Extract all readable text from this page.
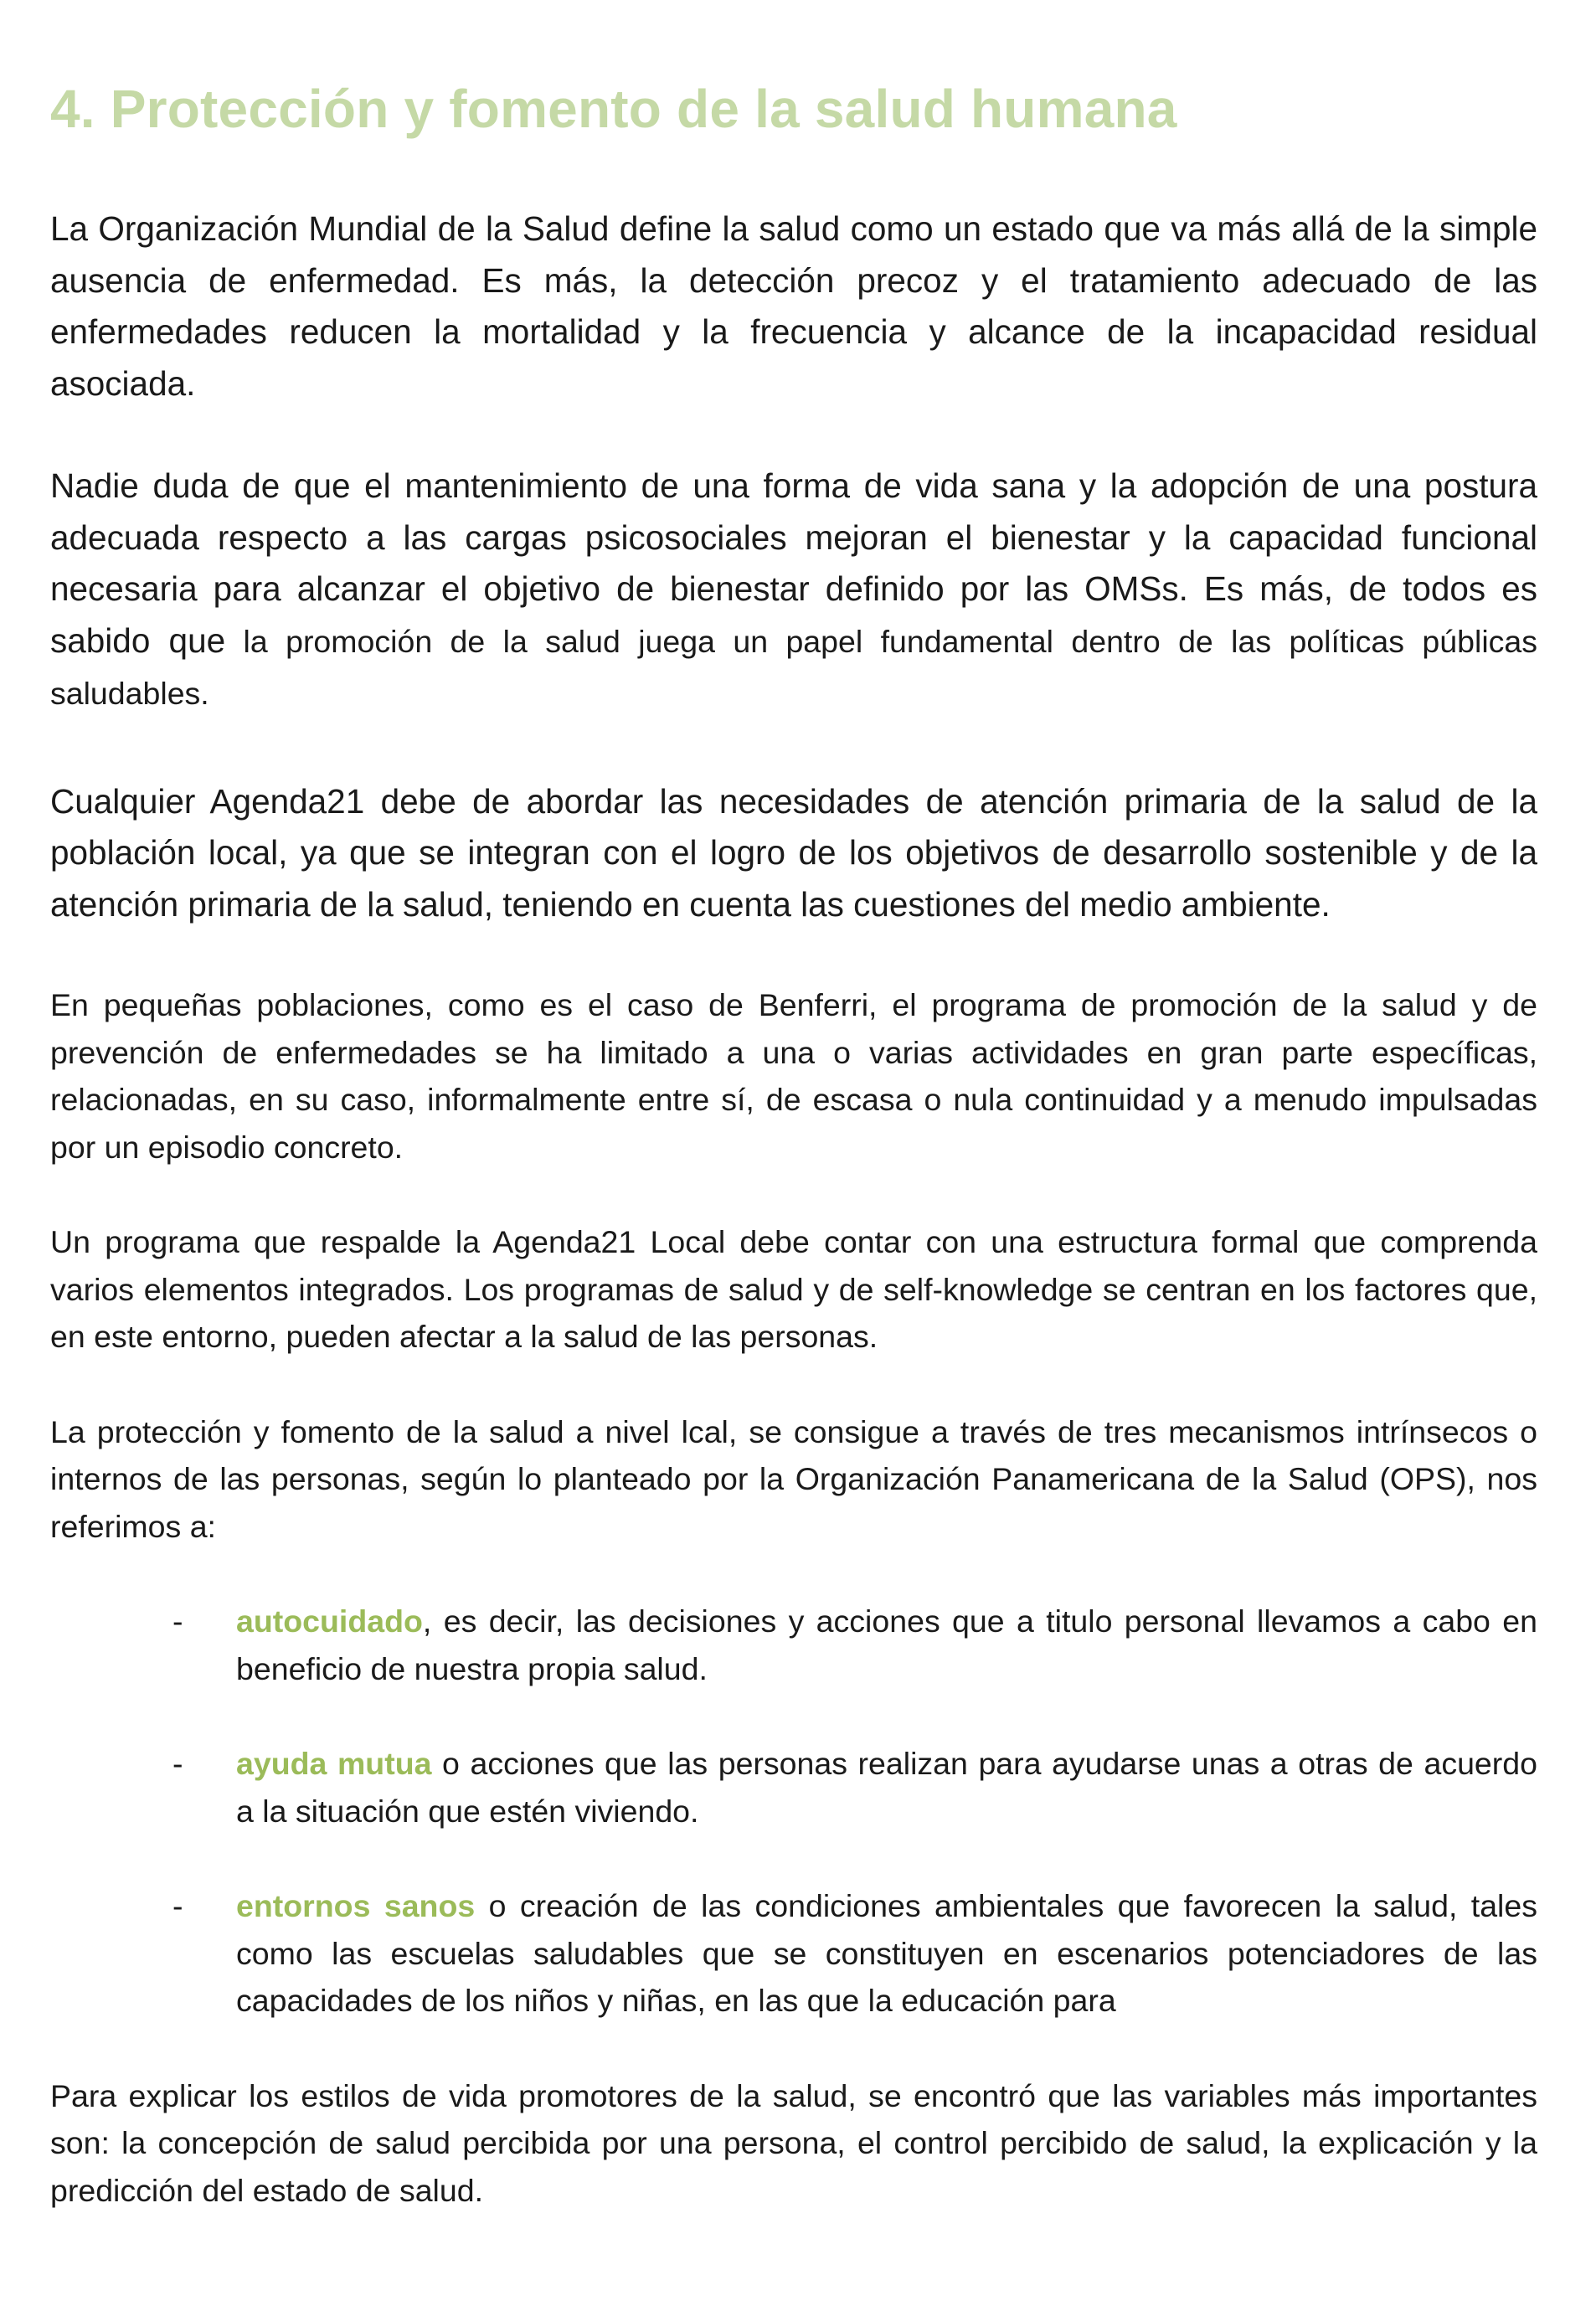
4. Protección y fomento de la salud humana

La Organización Mundial de la Salud define la salud como un estado que va más allá de la simple ausencia de enfermedad. Es más, la detección precoz y el tratamiento adecuado de las enfermedades reducen la mortalidad y la frecuencia y alcance de la incapacidad residual asociada.

Nadie duda de que el mantenimiento de una forma de vida sana y la adopción de una postura adecuada respecto a las cargas psicosociales mejoran el bienestar y la capacidad funcional necesaria para alcanzar el objetivo de bienestar definido por las OMSs. Es más, de todos es sabido que la promoción de la salud juega un papel fundamental dentro de las políticas públicas saludables.

Cualquier Agenda21 debe de abordar las necesidades de atención primaria de la salud de la población local, ya que se integran con el logro de los objetivos de desarrollo sostenible y de la atención primaria de la salud, teniendo en cuenta las cuestiones del medio ambiente.

En pequeñas poblaciones, como es el caso de Benferri, el programa de promoción de la salud y de prevención de enfermedades se ha limitado a una o varias actividades en gran parte específicas, relacionadas, en su caso, informalmente entre sí, de escasa o nula continuidad y a menudo impulsadas por un episodio concreto.

Un programa que respalde la Agenda21 Local debe contar con una estructura formal que comprenda varios elementos integrados. Los programas de salud y de self-knowledge se centran en los factores que, en este entorno, pueden afectar a la salud de las personas.

La protección y fomento de la salud a nivel lcal, se consigue a través de tres mecanismos intrínsecos o internos de las personas, según lo planteado por la Organización Panamericana de la Salud (OPS), nos referimos a:

- autocuidado, es decir, las decisiones y acciones que a titulo personal llevamos a cabo en beneficio de nuestra propia salud.

- ayuda mutua o acciones que las personas realizan para ayudarse unas a otras de acuerdo a la situación que estén viviendo.

- entornos sanos o creación de las condiciones ambientales que favorecen la salud, tales como las escuelas saludables que se constituyen en escenarios potenciadores de las capacidades de los niños y niñas, en las que la educación para

Para explicar los estilos de vida promotores de la salud, se encontró que las variables más importantes son: la concepción de salud percibida por una persona, el control percibido de salud, la explicación y la predicción del estado de salud.
